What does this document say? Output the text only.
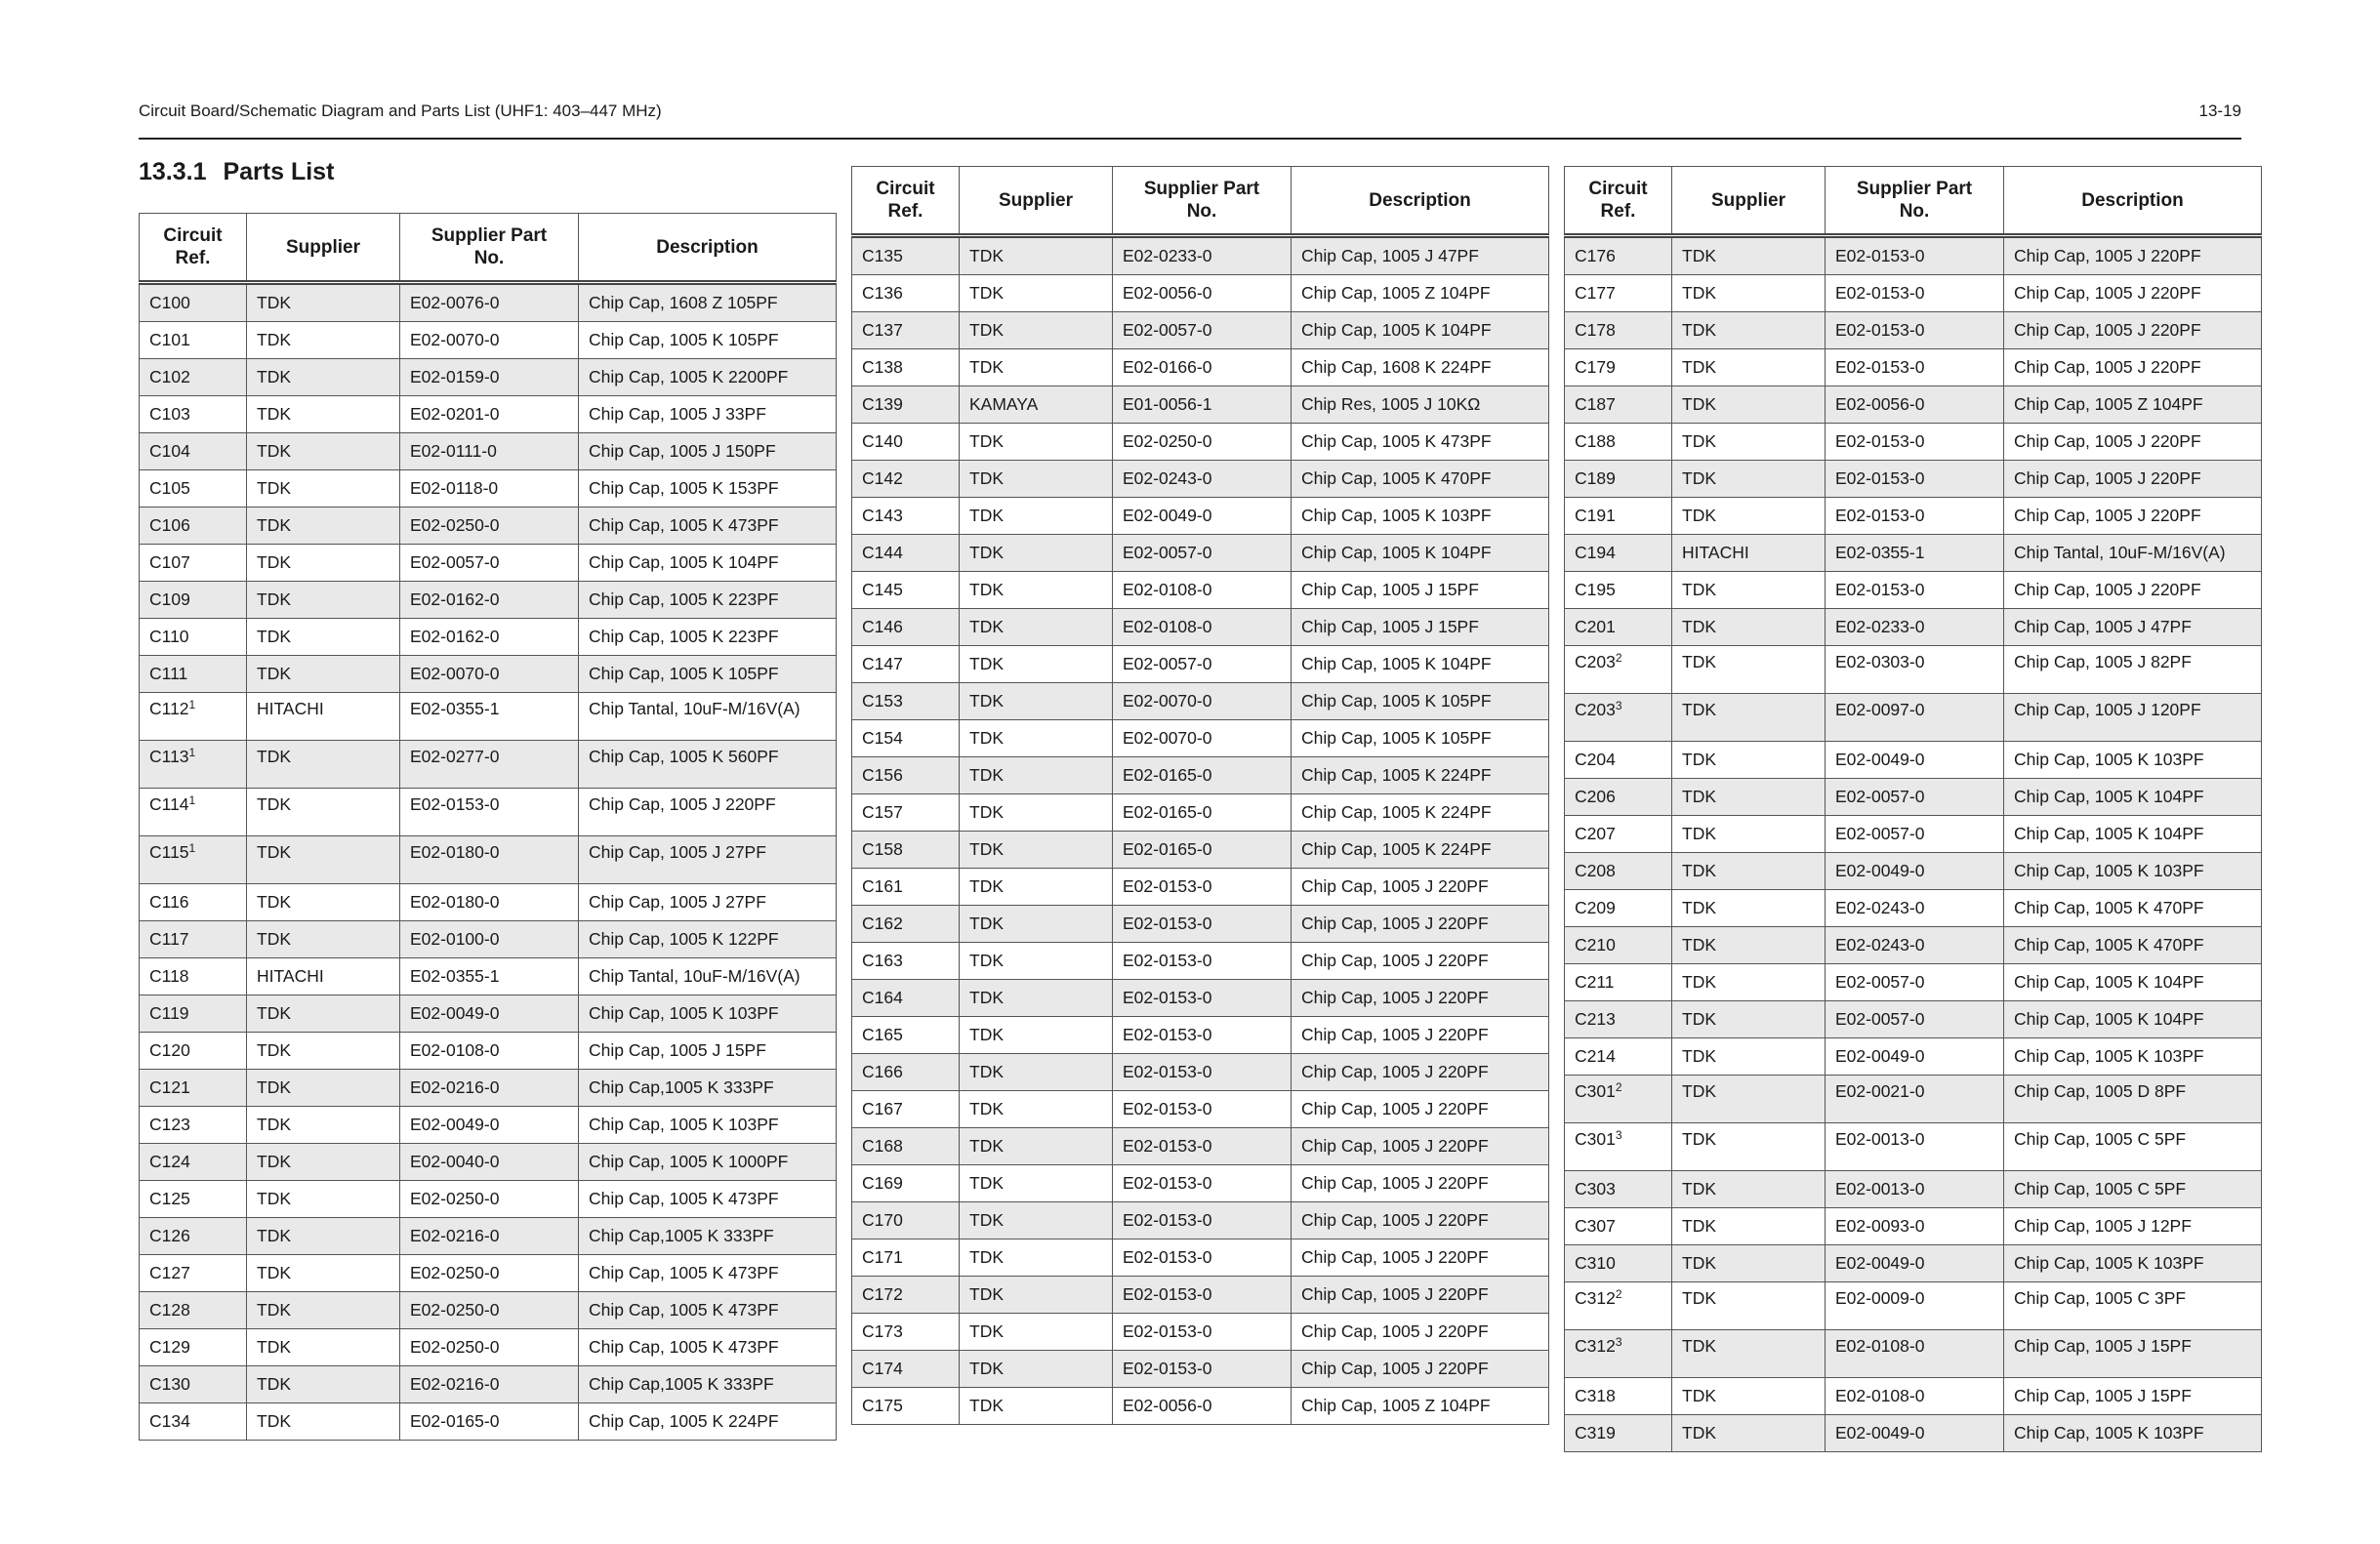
Circuit Board/Schematic Diagram and Parts List (UHF1: 403–447 MHz)	13-19
13.3.1 Parts List
Circuit
Ref.	Supplier	Supplier Part
No.	Description
C100	TDK	E02-0076-0	Chip Cap, 1608 Z 105PF
C101	TDK	E02-0070-0	Chip Cap, 1005 K 105PF
C102	TDK	E02-0159-0	Chip Cap, 1005 K 2200PF
C103	TDK	E02-0201-0	Chip Cap, 1005 J 33PF
C104	TDK	E02-0111-0	Chip Cap, 1005 J 150PF
C105	TDK	E02-0118-0	Chip Cap, 1005 K 153PF
C106	TDK	E02-0250-0	Chip Cap, 1005 K 473PF
C107	TDK	E02-0057-0	Chip Cap, 1005 K 104PF
C109	TDK	E02-0162-0	Chip Cap, 1005 K 223PF
C110	TDK	E02-0162-0	Chip Cap, 1005 K 223PF
C111	TDK	E02-0070-0	Chip Cap, 1005 K 105PF
$C112^1$	HITACHI	E02-0355-1	Chip Tantal, 10uF-M/16V(A)
$C113^1$	TDK	E02-0277-0	Chip Cap, 1005 K 560PF
$C114^1$	TDK	E02-0153-0	Chip Cap, 1005 J 220PF
$C115^1$	TDK	E02-0180-0	Chip Cap, 1005 J 27PF
C116	TDK	E02-0180-0	Chip Cap, 1005 J 27PF
C117	TDK	E02-0100-0	Chip Cap, 1005 K 122PF
C118	HITACHI	E02-0355-1	Chip Tantal, 10uF-M/16V(A)
C119	TDK	E02-0049-0	Chip Cap, 1005 K 103PF
C120	TDK	E02-0108-0	Chip Cap, 1005 J 15PF
C121	TDK	E02-0216-0	Chip Cap,1005 K 333PF
C123	TDK	E02-0049-0	Chip Cap, 1005 K 103PF
C124	TDK	E02-0040-0	Chip Cap, 1005 K 1000PF
C125	TDK	E02-0250-0	Chip Cap, 1005 K 473PF
C126	TDK	E02-0216-0	Chip Cap,1005 K 333PF
C127	TDK	E02-0250-0	Chip Cap, 1005 K 473PF
C128	TDK	E02-0250-0	Chip Cap, 1005 K 473PF
C129	TDK	E02-0250-0	Chip Cap, 1005 K 473PF
C130	TDK	E02-0216-0	Chip Cap,1005 K 333PF
C134	TDK	E02-0165-0	Chip Cap, 1005 K 224PF
Circuit
Ref.	Supplier	Supplier Part
No.	Description
C135	TDK	E02-0233-0	Chip Cap, 1005 J 47PF
C136	TDK	E02-0056-0	Chip Cap, 1005 Z 104PF
C137	TDK	E02-0057-0	Chip Cap, 1005 K 104PF
C138	TDK	E02-0166-0	Chip Cap, 1608 K 224PF
C139	KAMAYA	E01-0056-1	Chip Res, 1005 J 10KΩ
C140	TDK	E02-0250-0	Chip Cap, 1005 K 473PF
C142	TDK	E02-0243-0	Chip Cap, 1005 K 470PF
C143	TDK	E02-0049-0	Chip Cap, 1005 K 103PF
C144	TDK	E02-0057-0	Chip Cap, 1005 K 104PF
C145	TDK	E02-0108-0	Chip Cap, 1005 J 15PF
C146	TDK	E02-0108-0	Chip Cap, 1005 J 15PF
C147	TDK	E02-0057-0	Chip Cap, 1005 K 104PF
C153	TDK	E02-0070-0	Chip Cap, 1005 K 105PF
C154	TDK	E02-0070-0	Chip Cap, 1005 K 105PF
C156	TDK	E02-0165-0	Chip Cap, 1005 K 224PF
C157	TDK	E02-0165-0	Chip Cap, 1005 K 224PF
C158	TDK	E02-0165-0	Chip Cap, 1005 K 224PF
C161	TDK	E02-0153-0	Chip Cap, 1005 J 220PF
C162	TDK	E02-0153-0	Chip Cap, 1005 J 220PF
C163	TDK	E02-0153-0	Chip Cap, 1005 J 220PF
C164	TDK	E02-0153-0	Chip Cap, 1005 J 220PF
C165	TDK	E02-0153-0	Chip Cap, 1005 J 220PF
C166	TDK	E02-0153-0	Chip Cap, 1005 J 220PF
C167	TDK	E02-0153-0	Chip Cap, 1005 J 220PF
C168	TDK	E02-0153-0	Chip Cap, 1005 J 220PF
C169	TDK	E02-0153-0	Chip Cap, 1005 J 220PF
C170	TDK	E02-0153-0	Chip Cap, 1005 J 220PF
C171	TDK	E02-0153-0	Chip Cap, 1005 J 220PF
C172	TDK	E02-0153-0	Chip Cap, 1005 J 220PF
C173	TDK	E02-0153-0	Chip Cap, 1005 J 220PF
C174	TDK	E02-0153-0	Chip Cap, 1005 J 220PF
C175	TDK	E02-0056-0	Chip Cap, 1005 Z 104PF
Circuit
Ref.	Supplier	Supplier Part
No.	Description
C176	TDK	E02-0153-0	Chip Cap, 1005 J 220PF
C177	TDK	E02-0153-0	Chip Cap, 1005 J 220PF
C178	TDK	E02-0153-0	Chip Cap, 1005 J 220PF
C179	TDK	E02-0153-0	Chip Cap, 1005 J 220PF
C187	TDK	E02-0056-0	Chip Cap, 1005 Z 104PF
C188	TDK	E02-0153-0	Chip Cap, 1005 J 220PF
C189	TDK	E02-0153-0	Chip Cap, 1005 J 220PF
C191	TDK	E02-0153-0	Chip Cap, 1005 J 220PF
C194	HITACHI	E02-0355-1	Chip Tantal, 10uF-M/16V(A)
C195	TDK	E02-0153-0	Chip Cap, 1005 J 220PF
C201	TDK	E02-0233-0	Chip Cap, 1005 J 47PF
$C203^2$	TDK	E02-0303-0	Chip Cap, 1005 J 82PF
$C203^3$	TDK	E02-0097-0	Chip Cap, 1005 J 120PF
C204	TDK	E02-0049-0	Chip Cap, 1005 K 103PF
C206	TDK	E02-0057-0	Chip Cap, 1005 K 104PF
C207	TDK	E02-0057-0	Chip Cap, 1005 K 104PF
C208	TDK	E02-0049-0	Chip Cap, 1005 K 103PF
C209	TDK	E02-0243-0	Chip Cap, 1005 K 470PF
C210	TDK	E02-0243-0	Chip Cap, 1005 K 470PF
C211	TDK	E02-0057-0	Chip Cap, 1005 K 104PF
C213	TDK	E02-0057-0	Chip Cap, 1005 K 104PF
C214	TDK	E02-0049-0	Chip Cap, 1005 K 103PF
$C301^2$	TDK	E02-0021-0	Chip Cap, 1005 D 8PF
$C301^3$	TDK	E02-0013-0	Chip Cap, 1005 C 5PF
C303	TDK	E02-0013-0	Chip Cap, 1005 C 5PF
C307	TDK	E02-0093-0	Chip Cap, 1005 J 12PF
C310	TDK	E02-0049-0	Chip Cap, 1005 K 103PF
$C312^2$	TDK	E02-0009-0	Chip Cap, 1005 C 3PF
$C312^3$	TDK	E02-0108-0	Chip Cap, 1005 J 15PF
C318	TDK	E02-0108-0	Chip Cap, 1005 J 15PF
C319	TDK	E02-0049-0	Chip Cap, 1005 K 103PF
